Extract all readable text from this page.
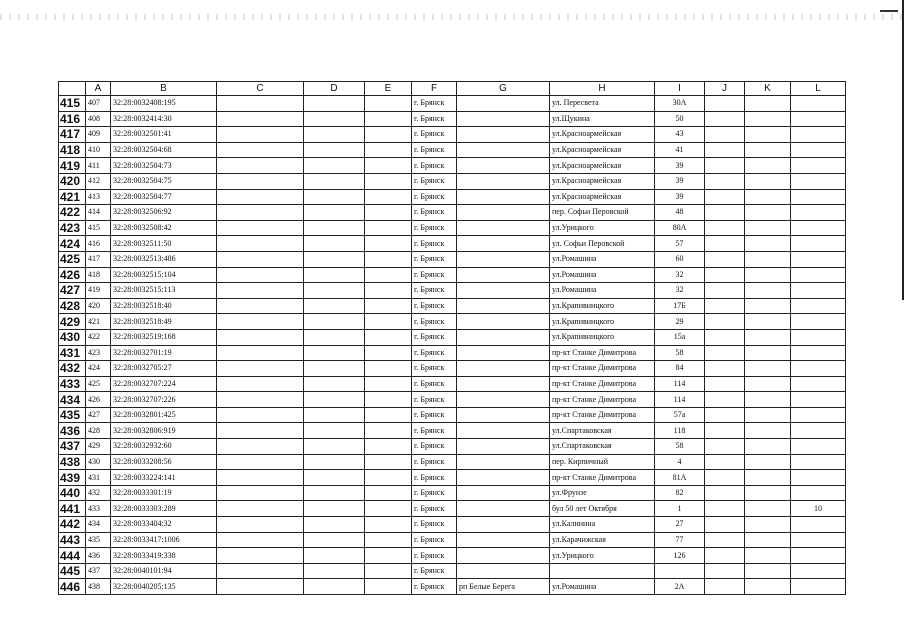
	A	B	C	D	E	F	G	H	I	J	K	L
415	407	32:28:0032408:195				г. Брянск		ул. Пересвета	30А			
416	408	32:28:0032414:30				г. Брянск		ул.Щукина	50			
417	409	32:28:0032501:41				г. Брянск		ул.Красноармейская	43			
418	410	32:28:0032504:68				г. Брянск		ул.Красноармейская	41			
419	411	32:28:0032504:73				г. Брянск		ул.Красноармейская	39			
420	412	32:28:0032504:75				г. Брянск		ул.Красноармейская	39			
421	413	32:28:0032504:77				г. Брянск		ул.Красноармейская	39			
422	414	32:28:0032506:92				г. Брянск		пер. Софьи Перовской	48			
423	415	32:28:0032508:42				г. Брянск		ул.Урицкого	80А			
424	416	32:28:0032511:50				г. Брянск		ул. Софьи Перовской	57			
425	417	32:28:0032513:486				г. Брянск		ул.Ромашина	60			
426	418	32:28:0032515:104				г. Брянск		ул.Ромашина	32			
427	419	32:28:0032515:113				г. Брянск		ул.Ромашина	32			
428	420	32:28:0032518:40				г. Брянск		ул.Крапивницкого	17Б			
429	421	32:28:0032518:49				г. Брянск		ул.Крапивницкого	29			
430	422	32:28:0032519:168				г. Брянск		ул.Крапивницкого	15а			
431	423	32:28:0032701:19				г. Брянск		пр-кт Станке Димитрова	58			
432	424	32:28:0032705:27				г. Брянск		пр-кт Станке Димитрова	84			
433	425	32:28:0032707:224				г. Брянск		пр-кт Станке Димитрова	114			
434	426	32:28:0032707:226				г. Брянск		пр-кт Станке Димитрова	114			
435	427	32:28:0032801:425				г. Брянск		пр-кт Станке Димитрова	57а			
436	428	32:28:0032806:919				г. Брянск		ул.Спартаковская	118			
437	429	32:28:0032932:60				г. Брянск		ул.Спартаковская	58			
438	430	32:28:0033208:56				г. Брянск		пер. Кирпичный	4			
439	431	32:28:0033224:141				г. Брянск		пр-кт Станке Димитрова	81А			
440	432	32:28:0033301:19				г. Брянск		ул.Фрунзе	82			
441	433	32:28:0033303:289				г. Брянск		бул 50 лет Октября	1			10
442	434	32:28:0033404:32				г. Брянск		ул.Калинина	27			
443	435	32:28:0033417:1006				г. Брянск		ул.Карачижская	77			
444	436	32:28:0033419:338				г. Брянск		ул.Урицкого	126			
445	437	32:28:0040101:94				г. Брянск						
446	438	32:28:0040205:135				г. Брянск	рп Белые Берега	ул.Ромашина	2А			
